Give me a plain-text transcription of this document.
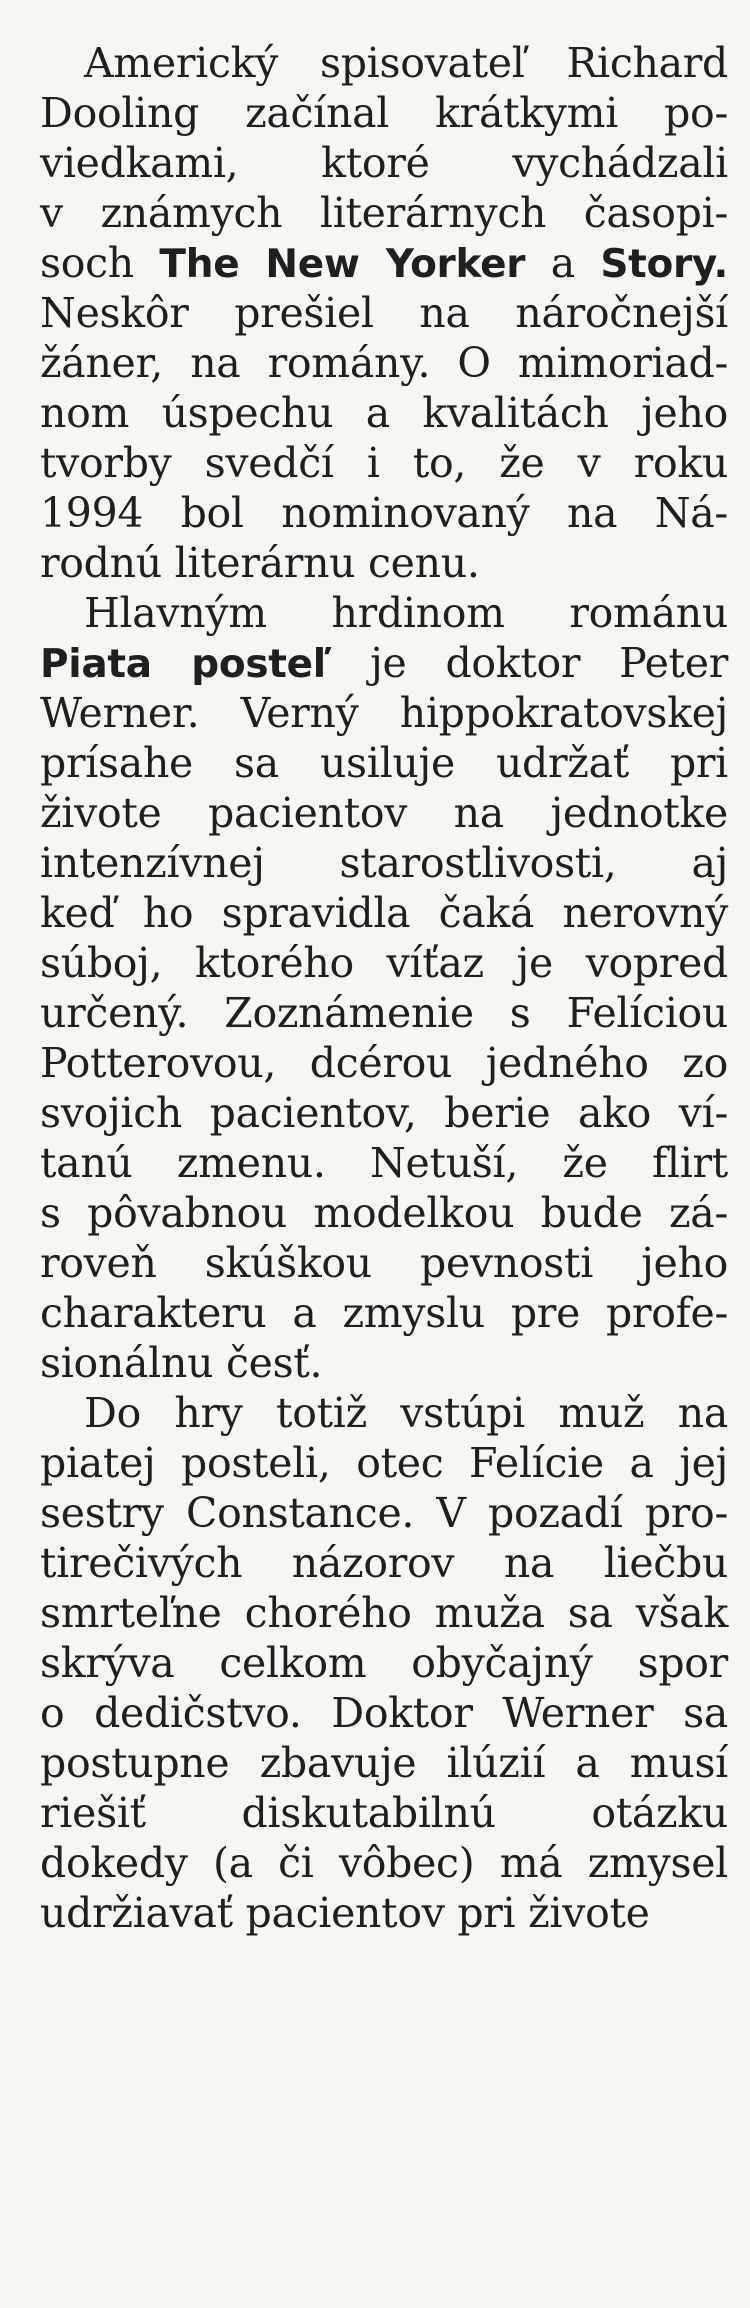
Americký spisovateľ Richard
Dooling začínal krátkymi po-
viedkami, ktoré vychádzali
v známych literárnych časopi-
soch The New Yorker a Story.
Neskôr prešiel na náročnejší
žáner, na romány. O mimoriad-
nom úspechu a kvalitách jeho
tvorby svedčí i to, že v roku
1994 bol nominovaný na Ná-
rodnú literárnu cenu.
Hlavným hrdinom románu
Piata posteľ je doktor Peter
Werner. Verný hippokratovskej
prísahe sa usiluje udržať pri
živote pacientov na jednotke
intenzívnej starostlivosti, aj
keď ho spravidla čaká nerovný
súboj, ktorého víťaz je vopred
určený. Zoznámenie s Felíciou
Potterovou, dcérou jedného zo
svojich pacientov, berie ako ví-
tanú zmenu. Netuší, že flirt
s pôvabnou modelkou bude zá-
roveň skúškou pevnosti jeho
charakteru a zmyslu pre profe-
sionálnu česť.
Do hry totiž vstúpi muž na
piatej posteli, otec Felície a jej
sestry Constance. V pozadí pro-
tirečivých názorov na liečbu
smrteľne chorého muža sa však
skrýva celkom obyčajný spor
o dedičstvo. Doktor Werner sa
postupne zbavuje ilúzií a musí
riešiť diskutabilnú otázku
dokedy (a či vôbec) má zmysel
udržiavať pacientov pri živote
